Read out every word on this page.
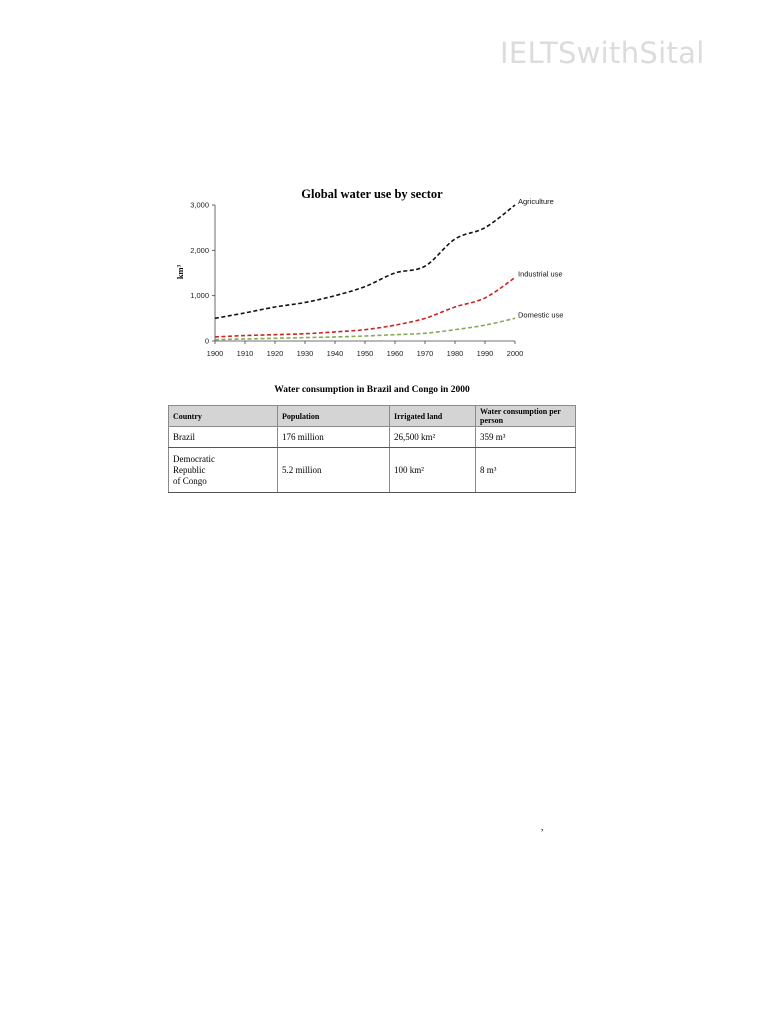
IELTSwithSital
Global water use by sector
km³
1900 1910 1920 1930 1940 1950 1960 1970 1980 1990 2000
0
1,000
2,000
3,000	Agriculture
Industrial use
Domestic use
Water consumption in Brazil and Congo in 2000
Country	Population	Irrigated land	Water consumption per person
Brazil	176 million	26,500 km²	359 m³
Democratic
Republic
of Congo	5.2 million	100 km²	8 m³
,
